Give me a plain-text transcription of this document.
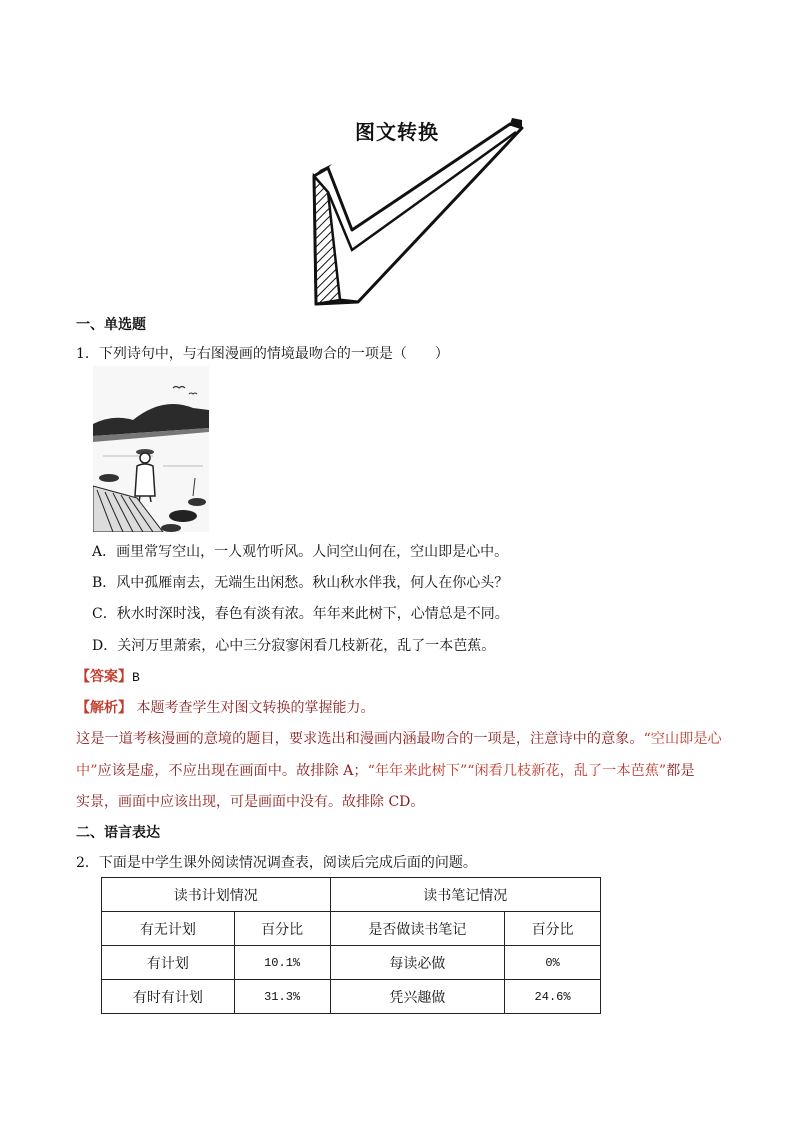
图文转换
一、单选题
1．下列诗句中，与右图漫画的情境最吻合的一项是（　　）
A．画里常写空山，一人观竹听风。人问空山何在，空山即是心中。
B．风中孤雁南去，无端生出闲愁。秋山秋水伴我，何人在你心头？
C．秋水时深时浅，春色有淡有浓。年年来此树下，心情总是不同。
D．关河万里萧索，心中三分寂寥闲看几枝新花，乱了一本芭蕉。
【答案】B
【解析】 本题考查学生对图文转换的掌握能力。
这是一道考核漫画的意境的题目，要求选出和漫画内涵最吻合的一项是，注意诗中的意象。“空山即是心
中”应该是虚，不应出现在画面中。故排除 A；“年年来此树下”“闲看几枝新花，乱了一本芭蕉”都是
实景，画面中应该出现，可是画面中没有。故排除 CD。
二、语言表达
2．下面是中学生课外阅读情况调查表，阅读后完成后面的问题。
读书计划情况		读书笔记情况	
有无计划	百分比	是否做读书笔记	百分比
有计划	10.1%	每读必做	0%
有时有计划	31.3%	凭兴趣做	24.6%
